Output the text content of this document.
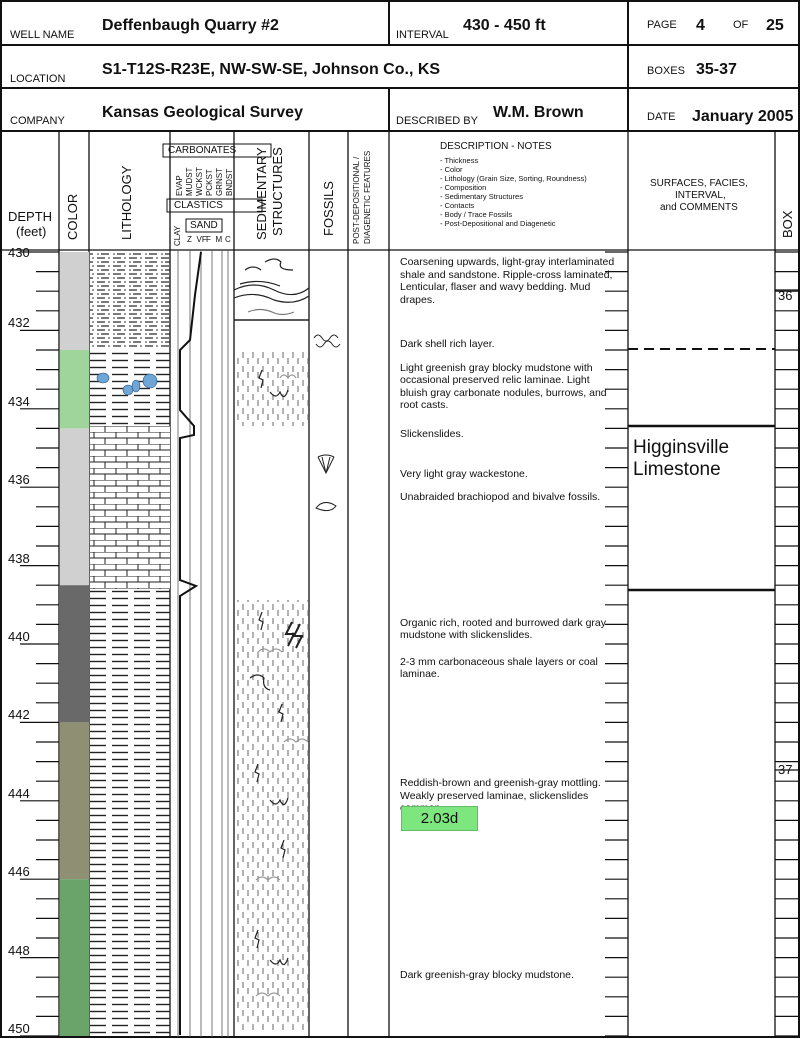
WELL NAME
Deffenbaugh Quarry #2
INTERVAL
430 - 450 ft	PAGE 4	OF 25
LOCATION
S1-T12S-R23E, NW-SW-SE, Johnson Co., KS	BOXES 35-37
COMPANY Kansas Geological Survey	DESCRIBED BY W.M. Brown	DATE January 2005
DEPTH
(feet) COLOR	LITHOLOGY
CARBONATES
EVAP MUDST WCKST PCKST GRNST BNDST
CLASTICS
CLAY
SAND
Z VF F M C SEDIMENTARY STRUCTURES	FOSSILS POST-DEPOSITIONAL / DIAGENETIC FEATURES
DESCRIPTION - NOTES
- Thickness
- Color
- Lithology (Grain Size, Sorting, Roundness)
- Composition
- Sedimentary Structures
- Contacts
- Body / Trace Fossils
- Post-Depositional and Diagenetic
SURFACES, FACIES,
INTERVAL,
and COMMENTS
BOX
430
432
434
436
438
440
442
444
446
448
450
Coarsening upwards, light-gray interlaminated shale and sandstone. Ripple-cross laminated, Lenticular, flaser and wavy bedding. Mud drapes.
Dark shell rich layer.
Light greenish gray blocky mudstone with occasional preserved relic laminae. Light bluish gray carbonate nodules, burrows, and root casts.
Slickenslides.
Very light gray wackestone.
Unabraided brachiopod and bivalve fossils.
Organic rich, rooted and burrowed dark gray mudstone with slickenslides.
2-3 mm carbonaceous shale layers or coal laminae.
Reddish-brown and greenish-gray mottling. Weakly preserved laminae, slickenslides
Dark greenish-gray blocky mudstone.
2.03d
Higginsville Limestone
36
37
